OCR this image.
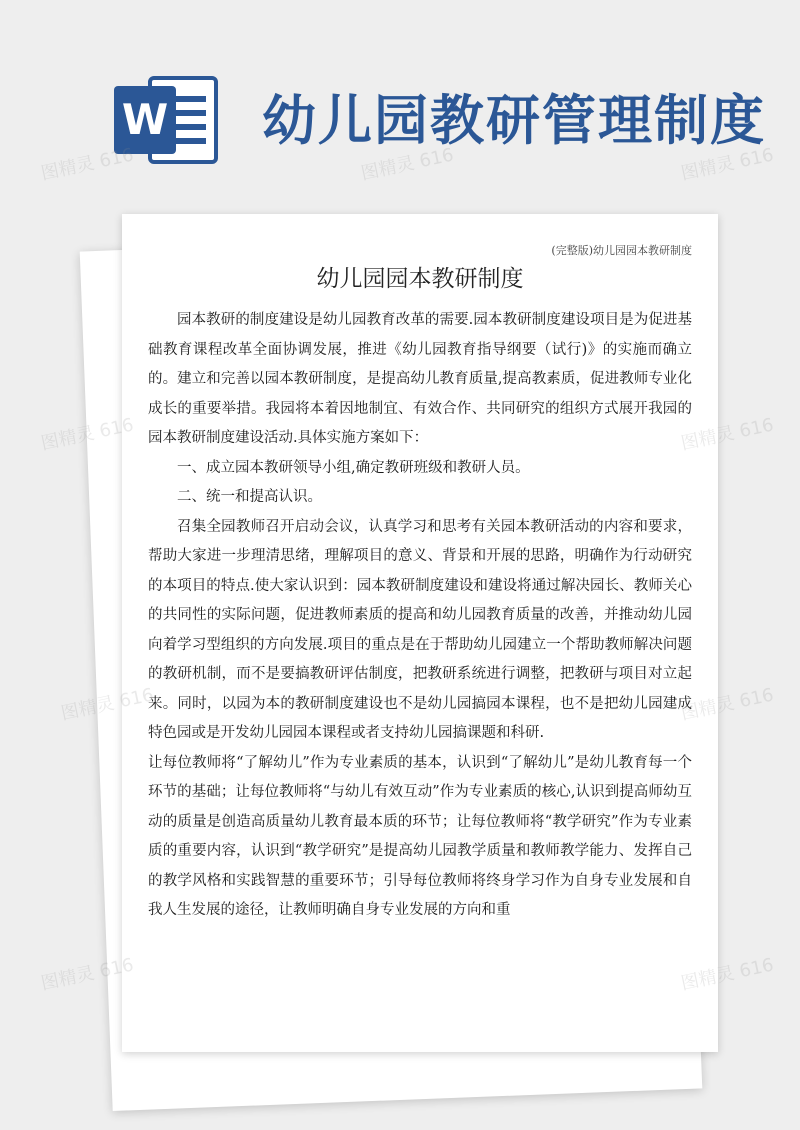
W 幼儿园教研管理制度

(完整版)幼儿园园本教研制度

幼儿园园本教研制度

园本教研的制度建设是幼儿园教育改革的需要.园本教研制度建设项目是为促进基础教育课程改革全面协调发展，推进《幼儿园教育指导纲要（试行)》的实施而确立的。建立和完善以园本教研制度，是提高幼儿教育质量,提高教素质，促进教师专业化成长的重要举措。我园将本着因地制宜、有效合作、共同研究的组织方式展开我园的园本教研制度建设活动.具体实施方案如下：

一、成立园本教研领导小组,确定教研班级和教研人员。

二、统一和提高认识。

召集全园教师召开启动会议，认真学习和思考有关园本教研活动的内容和要求，帮助大家进一步理清思绪，理解项目的意义、背景和开展的思路，明确作为行动研究的本项目的特点.使大家认识到：园本教研制度建设和建设将通过解决园长、教师关心的共同性的实际问题，促进教师素质的提高和幼儿园教育质量的改善，并推动幼儿园向着学习型组织的方向发展.项目的重点是在于帮助幼儿园建立一个帮助教师解决问题的教研机制，而不是要搞教研评估制度，把教研系统进行调整，把教研与项目对立起来。同时，以园为本的教研制度建设也不是幼儿园搞园本课程，也不是把幼儿园建成特色园或是开发幼儿园园本课程或者支持幼儿园搞课题和科研.

让每位教师将“了解幼儿”作为专业素质的基本，认识到“了解幼儿”是幼儿教育每一个环节的基础；让每位教师将“与幼儿有效互动”作为专业素质的核心,认识到提高师幼互动的质量是创造高质量幼儿教育最本质的环节；让每位教师将“教学研究”作为专业素质的重要内容，认识到“教学研究”是提高幼儿园教学质量和教师教学能力、发挥自己的教学风格和实践智慧的重要环节；引导每位教师将终身学习作为自身专业发展和自我人生发展的途径，让教师明确自身专业发展的方向和重

图精灵 616	图精灵 616	图精灵 616
图精灵	图精灵 616
图精灵	图精灵 616
图精灵 616	图精灵 616
